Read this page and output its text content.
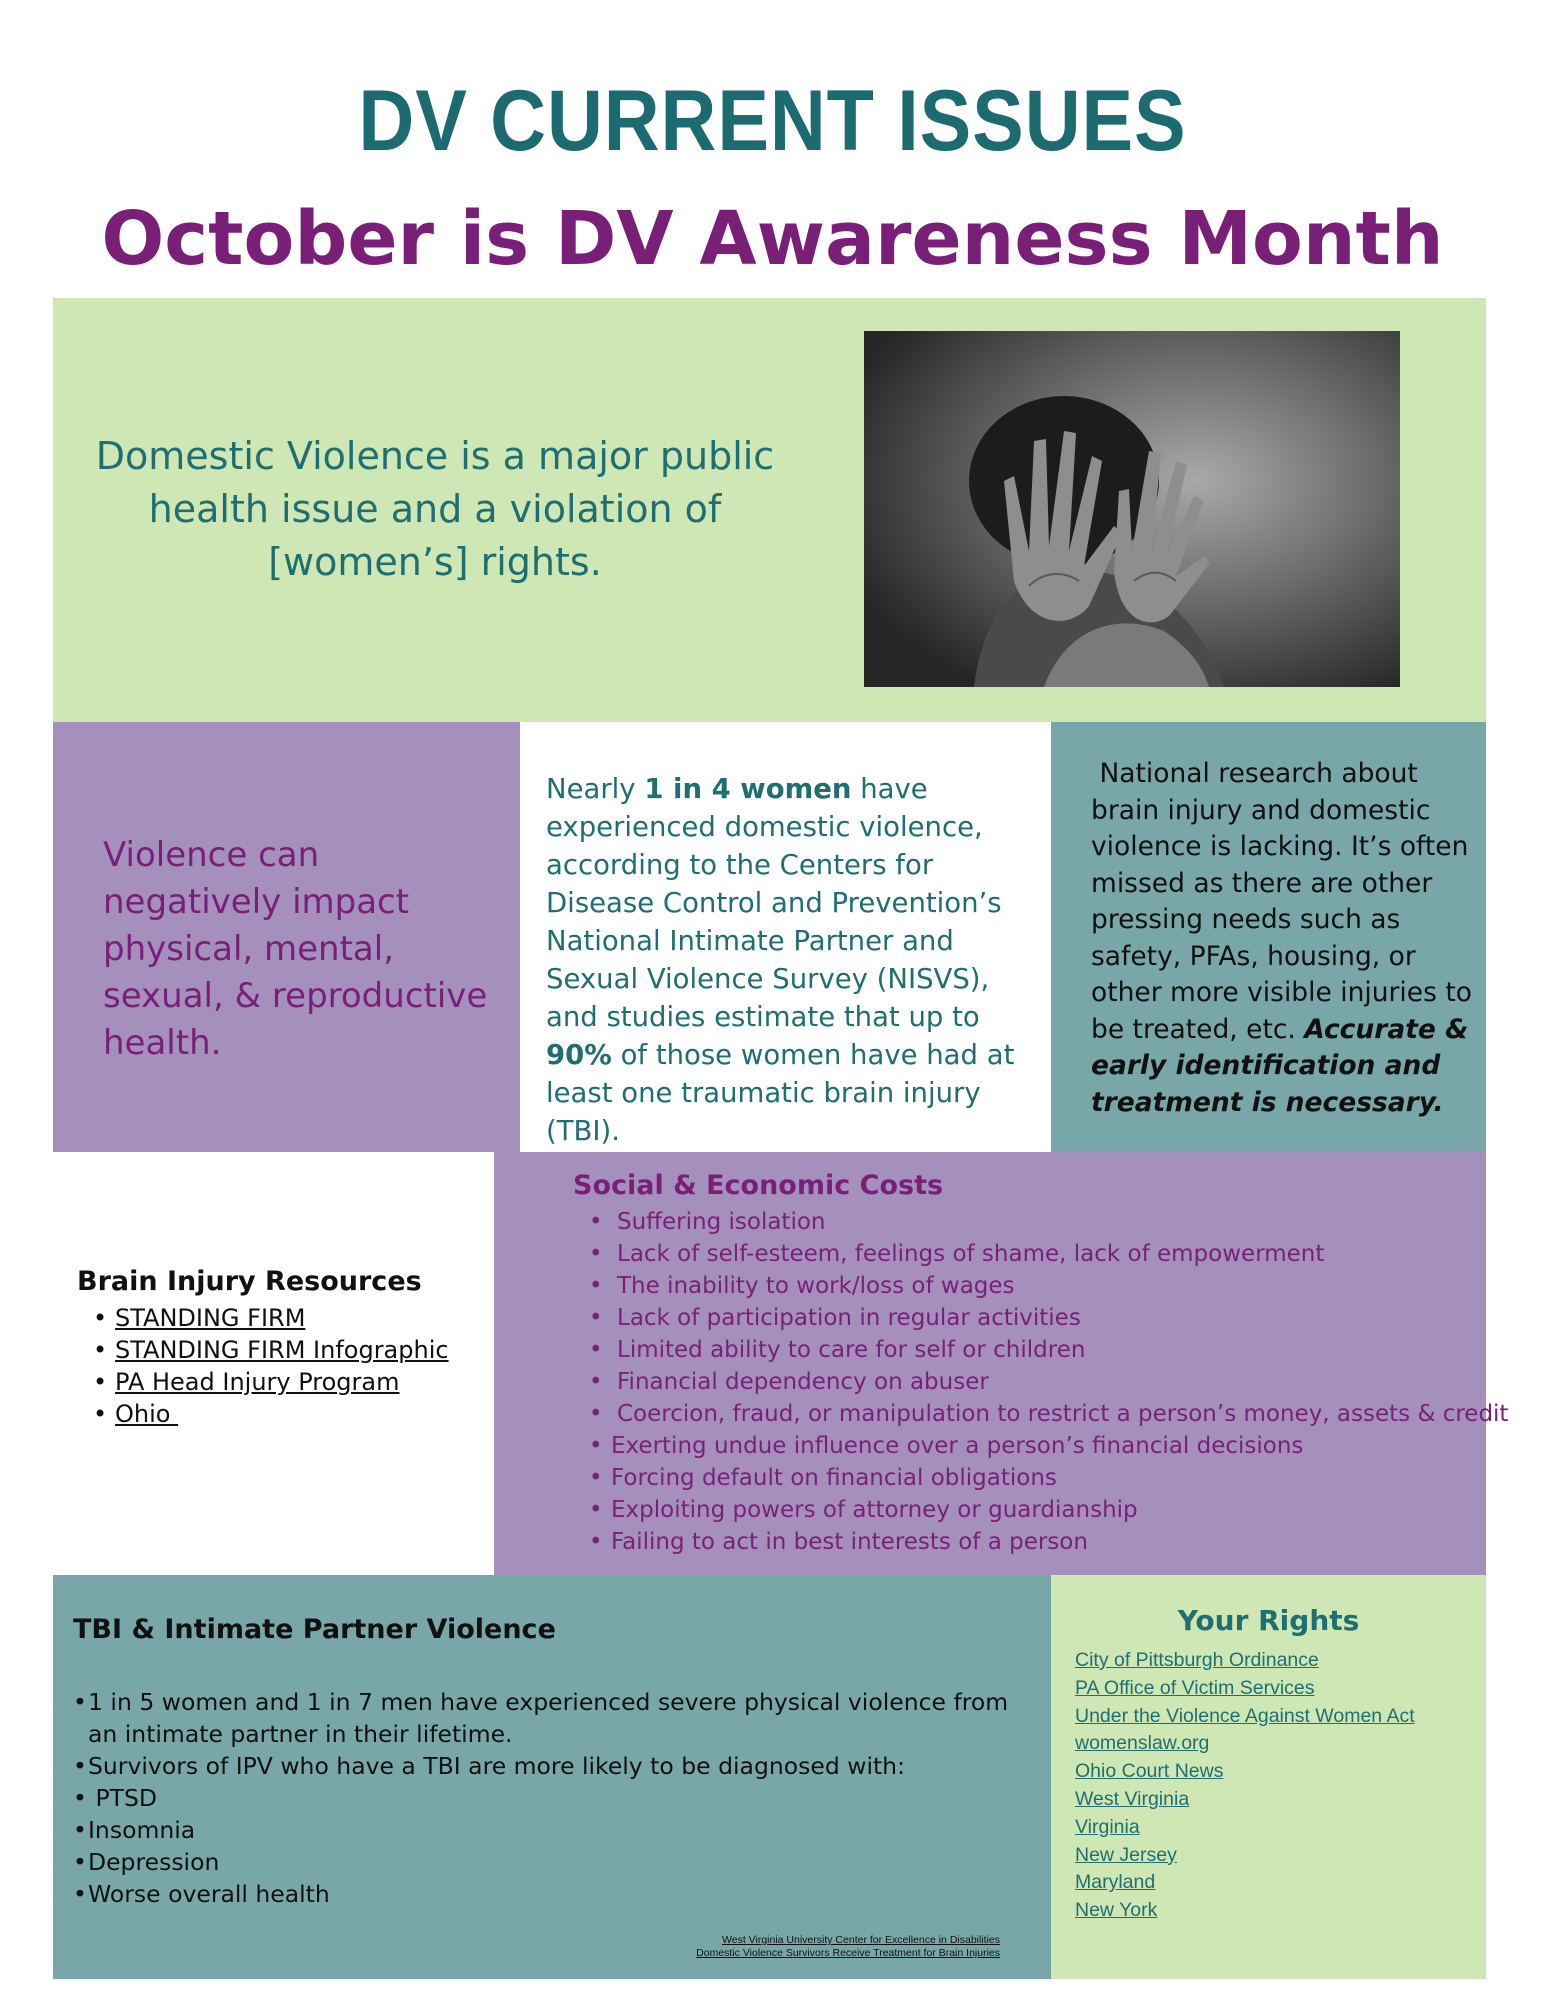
DV CURRENT ISSUES
October is DV Awareness Month
Domestic Violence is a major public health issue and a violation of [women’s] rights.
Violence can negatively impact physical, mental, sexual, & reproductive health.
Nearly 1 in 4 women have experienced domestic violence, according to the Centers for Disease Control and Prevention’s National Intimate Partner and Sexual Violence Survey (NISVS), and studies estimate that up to 90% of those women have had at least one traumatic brain injury (TBI).
National research about brain injury and domestic violence is lacking. It’s often missed as there are other pressing needs such as safety, PFAs, housing, or other more visible injuries to be treated, etc. Accurate & early identification and treatment is necessary.
Brain Injury Resources
• STANDING FIRM
• STANDING FIRM Infographic
• PA Head Injury Program
• Ohio
Social & Economic Costs
• Suffering isolation
• Lack of self-esteem, feelings of shame, lack of empowerment
• The inability to work/loss of wages
• Lack of participation in regular activities
• Limited ability to care for self or children
• Financial dependency on abuser
• Coercion, fraud, or manipulation to restrict a person’s money, assets & credit
• Exerting undue influence over a person’s financial decisions
• Forcing default on financial obligations
• Exploiting powers of attorney or guardianship
• Failing to act in best interests of a person
TBI & Intimate Partner Violence
• 1 in 5 women and 1 in 7 men have experienced severe physical violence from an intimate partner in their lifetime.
• Survivors of IPV who have a TBI are more likely to be diagnosed with:
•  PTSD
• Insomnia
• Depression
• Worse overall health
West Virginia University Center for Excellence in Disabilities
Domestic Violence Survivors Receive Treatment for Brain Injuries
Your Rights
City of Pittsburgh Ordinance
PA Office of Victim Services
Under the Violence Against Women Act
womenslaw.org
Ohio Court News
West Virginia
Virginia
New Jersey
Maryland
New York
